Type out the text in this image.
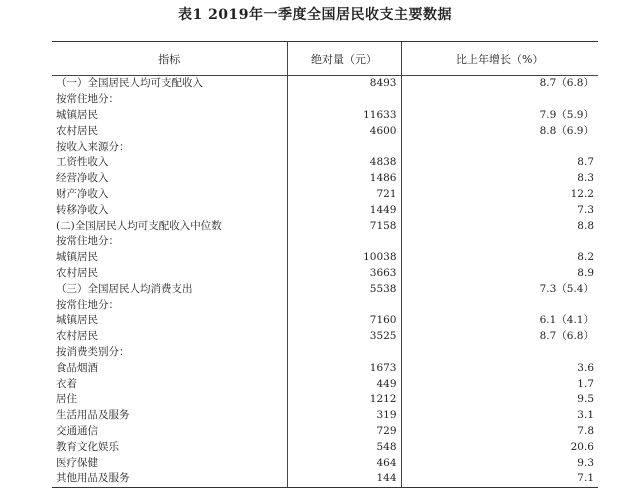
表1 2019年一季度全国居民收支主要数据
指标	绝对量（元）	比上年增长（%）
（一）全国居民人均可支配收入	8493	8.7（6.8）
按常住地分：		
城镇居民	11633	7.9（5.9）
农村居民	4600	8.8（6.9）
按收入来源分：		
工资性收入	4838	8.7
经营净收入	1486	8.3
财产净收入	721	12.2
转移净收入	1449	7.3
(二)全国居民人均可支配收入中位数	7158	8.8
按常住地分：		
城镇居民	10038	8.2
农村居民	3663	8.9
（三）全国居民人均消费支出	5538	7.3（5.4）
按常住地分：		
城镇居民	7160	6.1（4.1）
农村居民	3525	8.7（6.8）
按消费类别分：		
食品烟酒	1673	3.6
衣着	449	1.7
居住	1212	9.5
生活用品及服务	319	3.1
交通通信	729	7.8
教育文化娱乐	548	20.6
医疗保健	464	9.3
其他用品及服务	144	7.1
